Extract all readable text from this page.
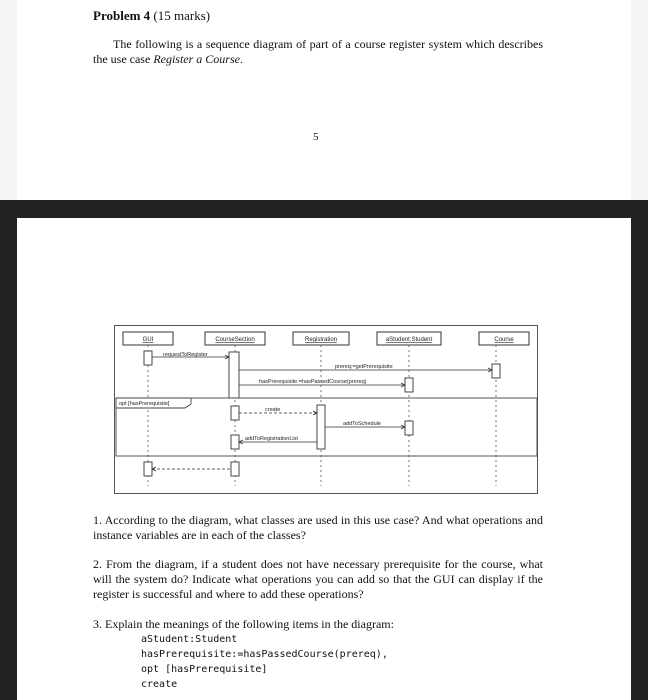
Problem 4 (15 marks)
The following is a sequence diagram of part of a course register system which describes the use case Register a Course.
5
GUI	CourseSection	Registration	aStudent:Student	Course
requestToRegister
prereq:=getPrerequisite
hasPrerequisite:=hasPassedCourse(prereq)
create
addToSchedule
addToRegistrationList
opt [hasPrerequisite]
1. According to the diagram, what classes are used in this use case? And what operations and instance variables are in each of the classes?
2. From the diagram, if a student does not have necessary prerequisite for the course, what will the system do? Indicate what operations you can add so that the GUI can display if the register is successful and where to add these operations?
3. Explain the meanings of the following items in the diagram:
aStudent:Student
hasPrerequisite:=hasPassedCourse(prereq),
opt [hasPrerequisite]
create
